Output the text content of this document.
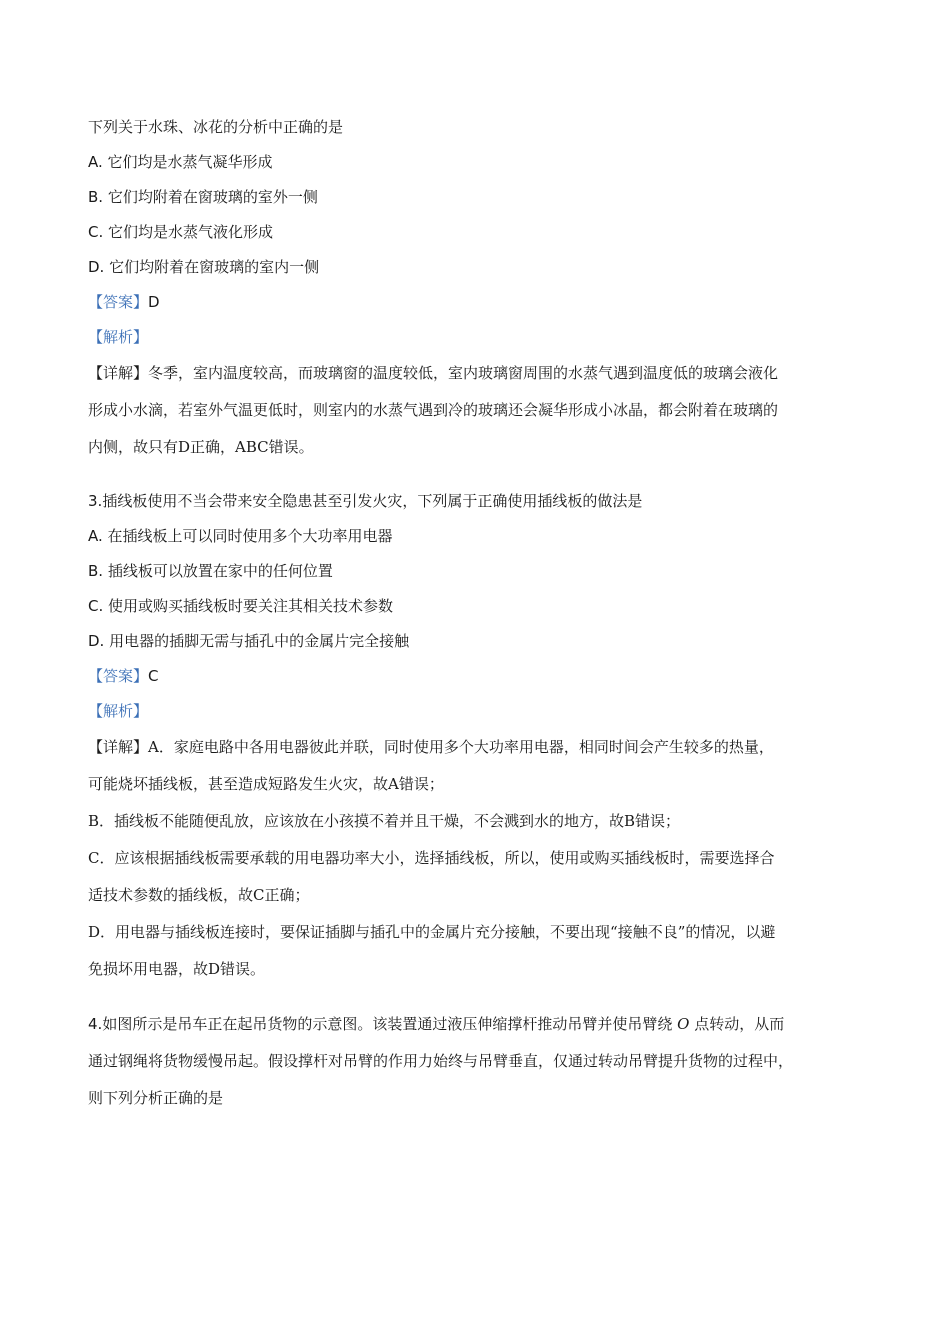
下列关于水珠、冰花的分析中正确的是
A. 它们均是水蒸气凝华形成
B. 它们均附着在窗玻璃的室外一侧
C. 它们均是水蒸气液化形成
D. 它们均附着在窗玻璃的室内一侧
【答案】D
【解析】
【详解】冬季，室内温度较高，而玻璃窗的温度较低，室内玻璃窗周围的水蒸气遇到温度低的玻璃会液化
形成小水滴，若室外气温更低时，则室内的水蒸气遇到冷的玻璃还会凝华形成小冰晶，都会附着在玻璃的
内侧，故只有D正确，ABC错误。
3.插线板使用不当会带来安全隐患甚至引发火灾，下列属于正确使用插线板的做法是
A. 在插线板上可以同时使用多个大功率用电器
B. 插线板可以放置在家中的任何位置
C. 使用或购买插线板时要关注其相关技术参数
D. 用电器的插脚无需与插孔中的金属片完全接触
【答案】C
【解析】
【详解】A．家庭电路中各用电器彼此并联，同时使用多个大功率用电器，相同时间会产生较多的热量，
可能烧坏插线板，甚至造成短路发生火灾，故A错误；
B．插线板不能随便乱放，应该放在小孩摸不着并且干燥，不会溅到水的地方，故B错误；
C．应该根据插线板需要承载的用电器功率大小，选择插线板，所以，使用或购买插线板时，需要选择合
适技术参数的插线板，故C正确；
D．用电器与插线板连接时，要保证插脚与插孔中的金属片充分接触，不要出现“接触不良”的情况，以避
免损坏用电器，故D错误。
4.如图所示是吊车正在起吊货物的示意图。该装置通过液压伸缩撑杆推动吊臂并使吊臂绕 O 点转动，从而
通过钢绳将货物缓慢吊起。假设撑杆对吊臂的作用力始终与吊臂垂直，仅通过转动吊臂提升货物的过程中，
则下列分析正确的是
